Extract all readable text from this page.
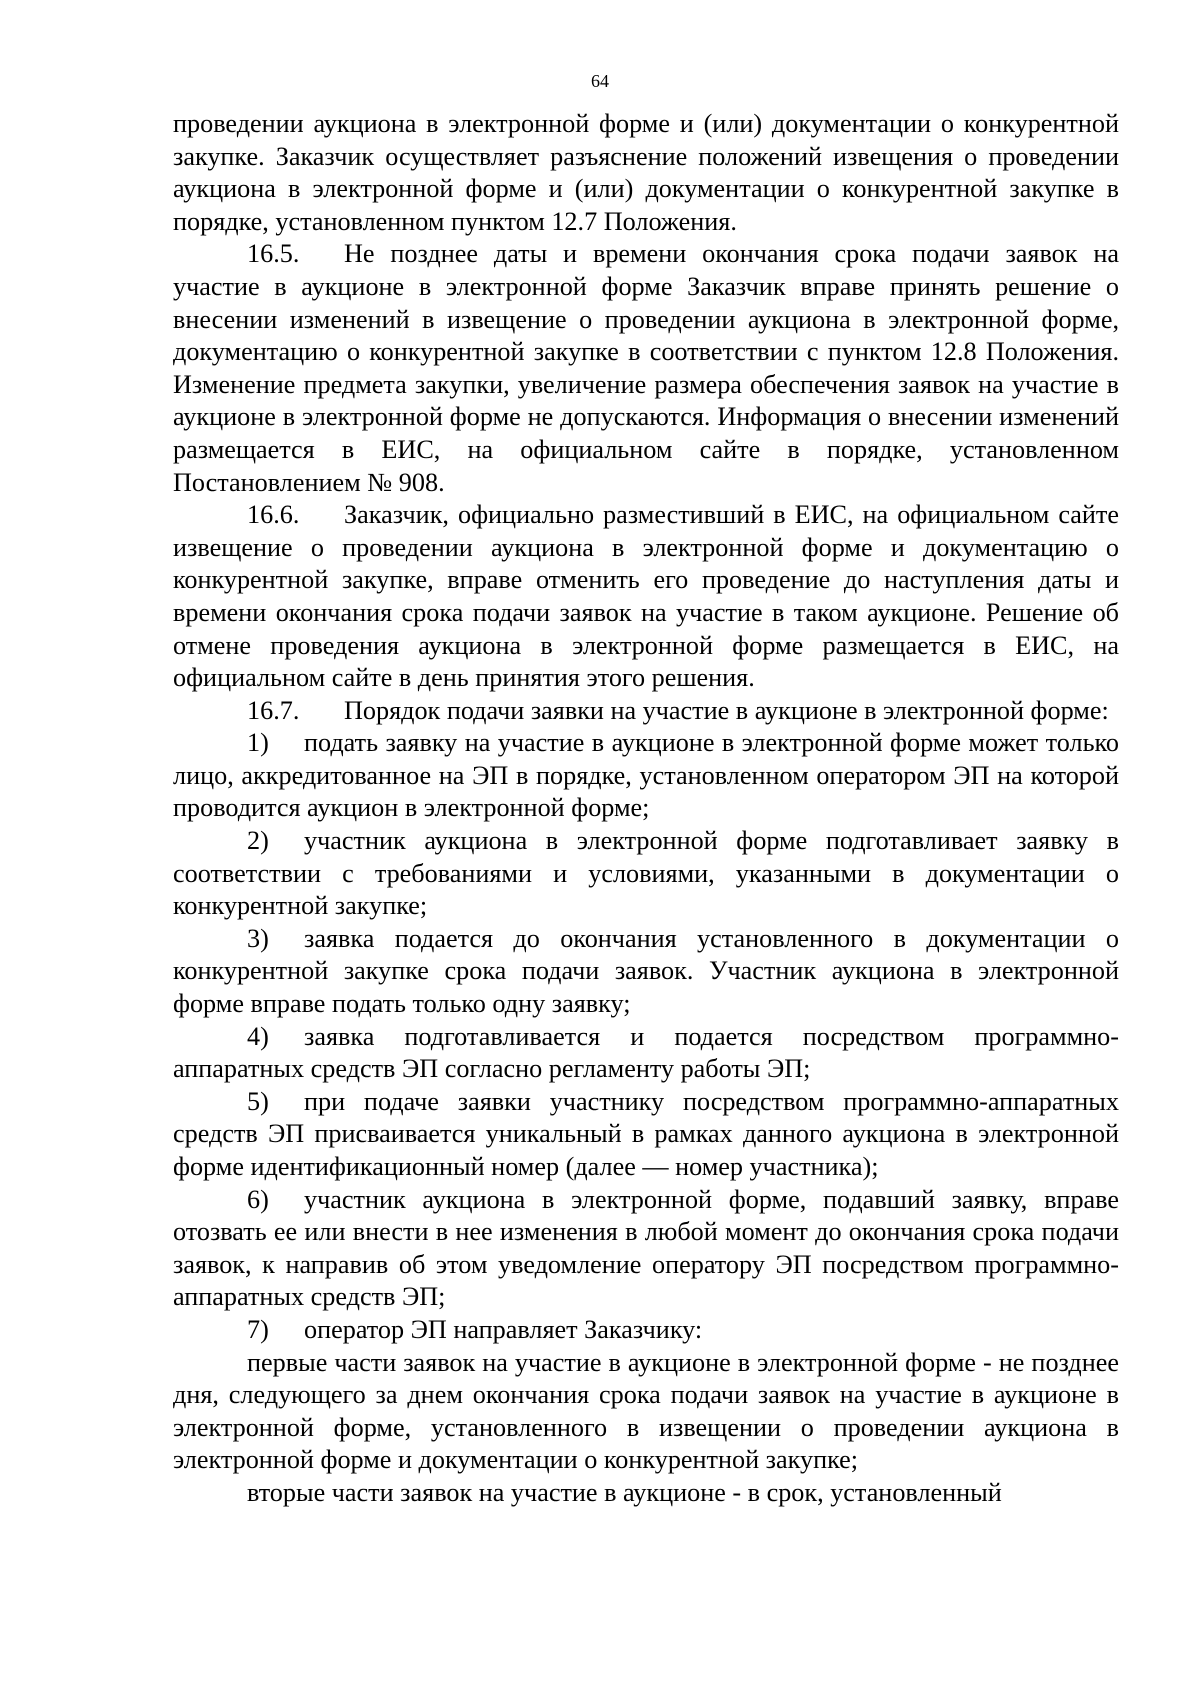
64

проведении аукциона в электронной форме и (или) документации о конкурентной закупке. Заказчик осуществляет разъяснение положений извещения о проведении аукциона в электронной форме и (или) документации о конкурентной закупке в порядке, установленном пунктом 12.7 Положения.

16.5. Не позднее даты и времени окончания срока подачи заявок на участие в аукционе в электронной форме Заказчик вправе принять решение о внесении изменений в извещение о проведении аукциона в электронной форме, документацию о конкурентной закупке в соответствии с пунктом 12.8 Положения. Изменение предмета закупки, увеличение размера обеспечения заявок на участие в аукционе в электронной форме не допускаются. Информация о внесении изменений размещается в ЕИС, на официальном сайте в порядке, установленном Постановлением № 908.

16.6. Заказчик, официально разместивший в ЕИС, на официальном сайте извещение о проведении аукциона в электронной форме и документацию о конкурентной закупке, вправе отменить его проведение до наступления даты и времени окончания срока подачи заявок на участие в таком аукционе. Решение об отмене проведения аукциона в электронной форме размещается в ЕИС, на официальном сайте в день принятия этого решения.

16.7. Порядок подачи заявки на участие в аукционе в электронной форме:

1) подать заявку на участие в аукционе в электронной форме может только лицо, аккредитованное на ЭП в порядке, установленном оператором ЭП на которой проводится аукцион в электронной форме;

2) участник аукциона в электронной форме подготавливает заявку в соответствии с требованиями и условиями, указанными в документации о конкурентной закупке;

3) заявка подается до окончания установленного в документации о конкурентной закупке срока подачи заявок. Участник аукциона в электронной форме вправе подать только одну заявку;

4) заявка подготавливается и подается посредством программно-аппаратных средств ЭП согласно регламенту работы ЭП;

5) при подаче заявки участнику посредством программно-аппаратных средств ЭП присваивается уникальный в рамках данного аукциона в электронной форме идентификационный номер (далее — номер участника);

6) участник аукциона в электронной форме, подавший заявку, вправе отозвать ее или внести в нее изменения в любой момент до окончания срока подачи заявок, к направив об этом уведомление оператору ЭП посредством программно-аппаратных средств ЭП;

7) оператор ЭП направляет Заказчику:

первые части заявок на участие в аукционе в электронной форме - не позднее дня, следующего за днем окончания срока подачи заявок на участие в аукционе в электронной форме, установленного в извещении о проведении аукциона в электронной форме и документации о конкурентной закупке;

вторые части заявок на участие в аукционе - в срок, установленный
